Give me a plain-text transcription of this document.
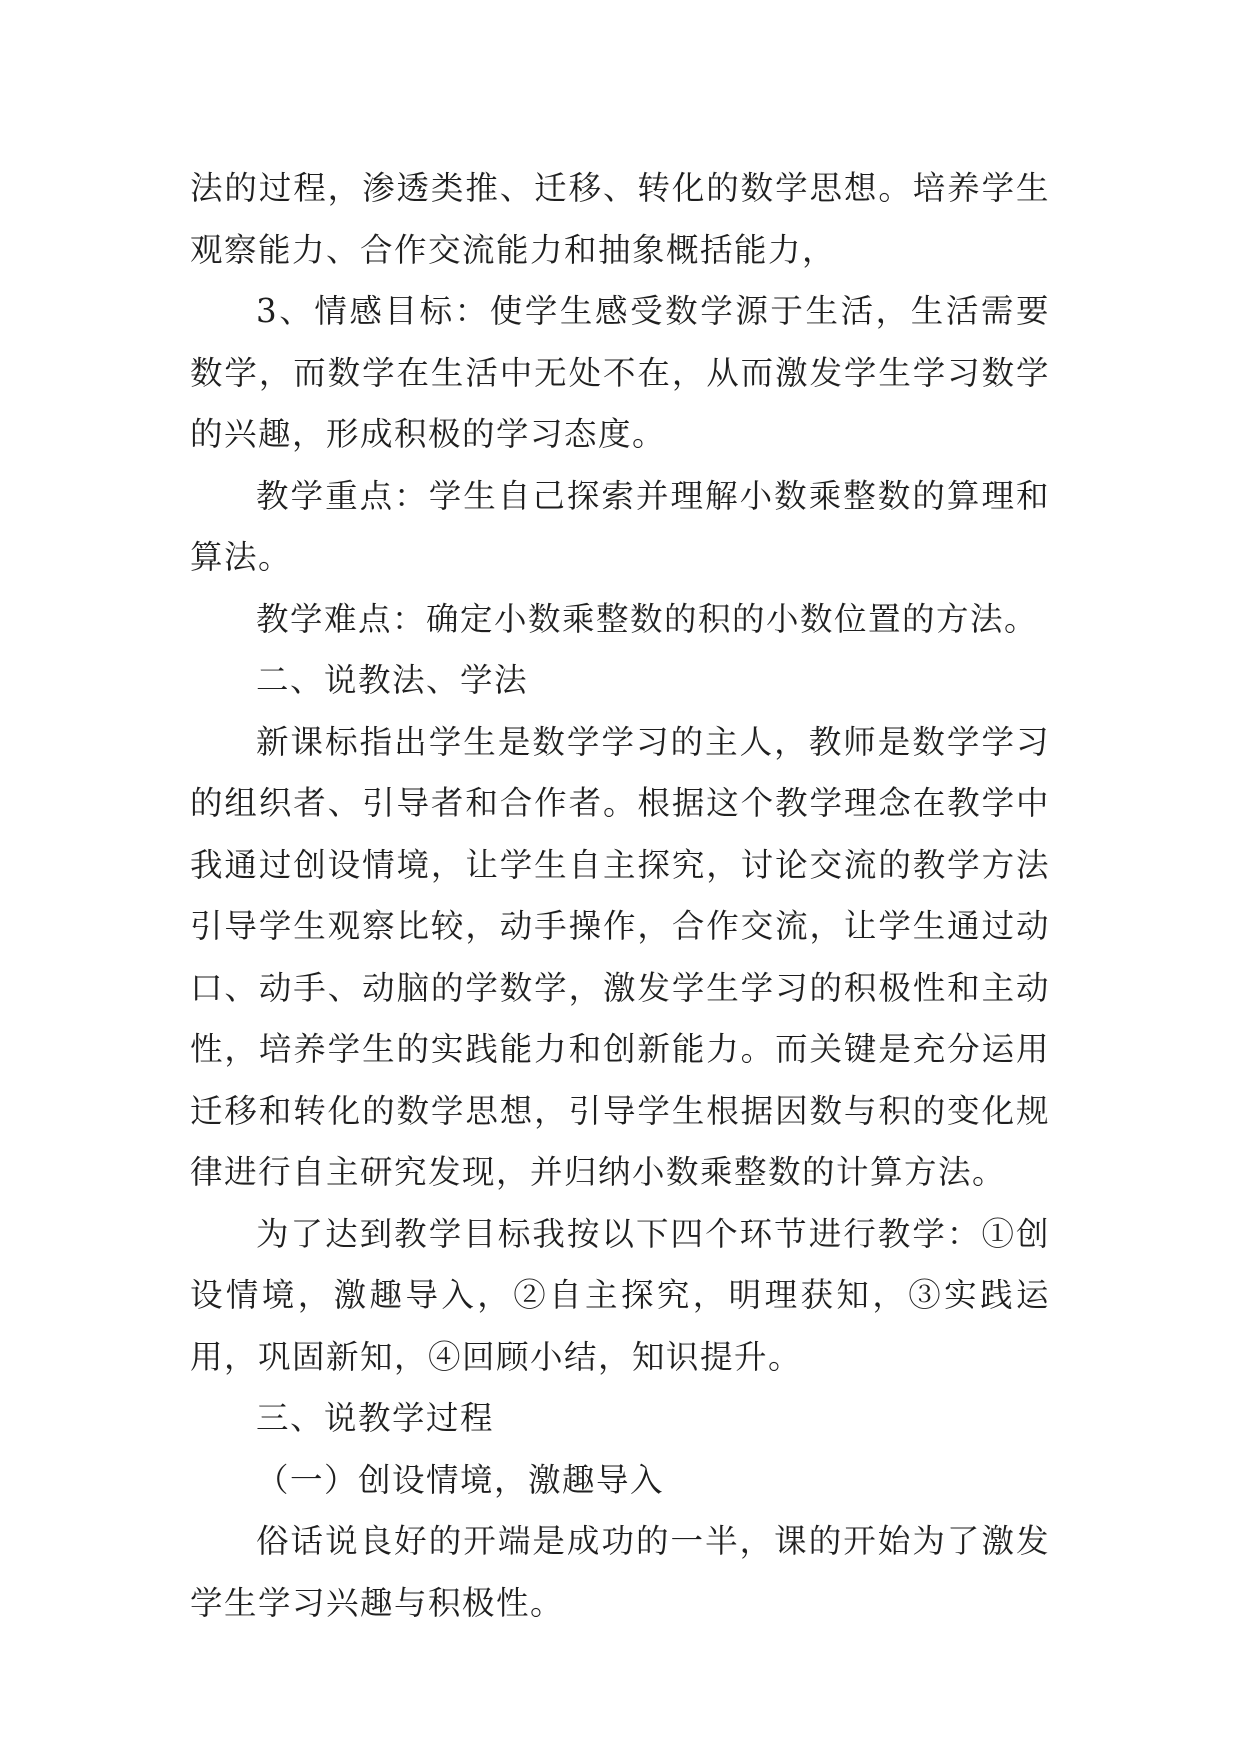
法的过程，渗透类推、迁移、转化的数学思想。培养学生观察能力、合作交流能力和抽象概括能力，

3、情感目标：使学生感受数学源于生活，生活需要数学，而数学在生活中无处不在，从而激发学生学习数学的兴趣，形成积极的学习态度。

教学重点：学生自己探索并理解小数乘整数的算理和算法。

教学难点：确定小数乘整数的积的小数位置的方法。

二、说教法、学法

新课标指出学生是数学学习的主人，教师是数学学习的组织者、引导者和合作者。根据这个教学理念在教学中我通过创设情境，让学生自主探究，讨论交流的教学方法引导学生观察比较，动手操作，合作交流，让学生通过动口、动手、动脑的学数学，激发学生学习的积极性和主动性，培养学生的实践能力和创新能力。而关键是充分运用迁移和转化的数学思想，引导学生根据因数与积的变化规律进行自主研究发现，并归纳小数乘整数的计算方法。

为了达到教学目标我按以下四个环节进行教学：①创设情境，激趣导入，②自主探究，明理获知，③实践运用，巩固新知，④回顾小结，知识提升。

三、说教学过程

（一）创设情境，激趣导入

俗话说良好的开端是成功的一半，课的开始为了激发学生学习兴趣与积极性。
